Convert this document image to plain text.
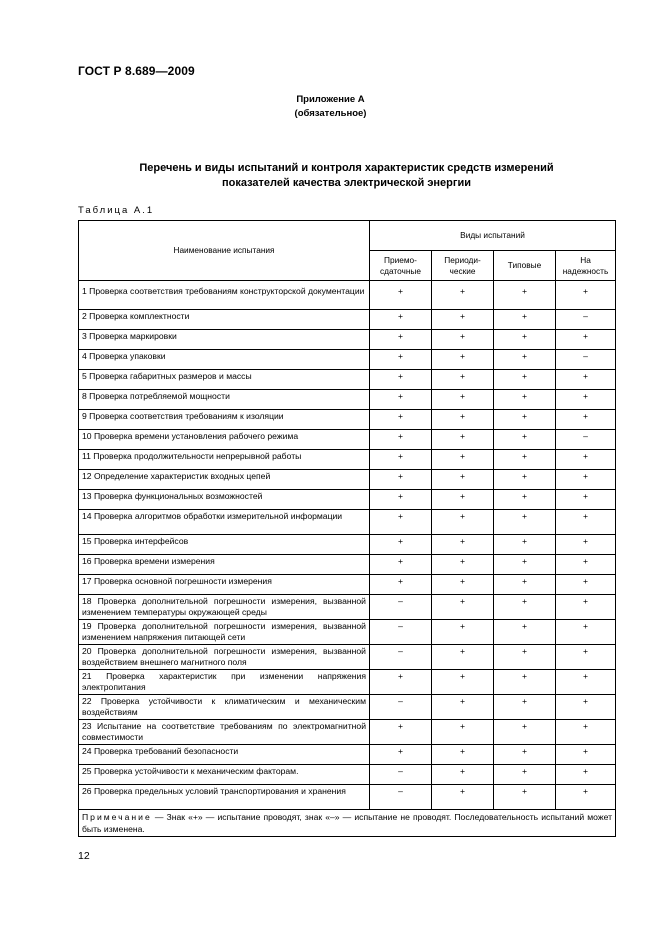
ГОСТ Р 8.689—2009
Приложение А
(обязательное)
Перечень и виды испытаний и контроля характеристик средств измерений
показателей качества электрической энергии
Таблица А.1
Наименование испытания	Виды испытаний			
	Приемо-сдаточные	Периоди-ческие	Типовые	На надежность
1 Проверка соответствия требованиям конструкторской документации	+	+	+	+
2 Проверка комплектности	+	+	+	–
3 Проверка маркировки	+	+	+	+
4 Проверка упаковки	+	+	+	–
5 Проверка габаритных размеров и массы	+	+	+	+
8 Проверка потребляемой мощности	+	+	+	+
9 Проверка соответствия требованиям к изоляции	+	+	+	+
10 Проверка времени установления рабочего режима	+	+	+	–
11 Проверка продолжительности непрерывной работы	+	+	+	+
12 Определение характеристик входных цепей	+	+	+	+
13 Проверка функциональных возможностей	+	+	+	+
14 Проверка алгоритмов обработки измерительной информации	+	+	+	+
15 Проверка интерфейсов	+	+	+	+
16 Проверка времени измерения	+	+	+	+
17 Проверка основной погрешности измерения	+	+	+	+
18 Проверка дополнительной погрешности измерения, вызванной изменением температуры окружающей среды	–	+	+	+
19 Проверка дополнительной погрешности измерения, вызванной изменением напряжения питающей сети	–	+	+	+
20 Проверка дополнительной погрешности измерения, вызванной воздействием внешнего магнитного поля	–	+	+	+
21 Проверка характеристик при изменении напряжения электропитания	+	+	+	+
22 Проверка устойчивости к климатическим и механическим воздействиям	–	+	+	+
23 Испытание на соответствие требованиям по электромагнитной совместимости	+	+	+	+
24 Проверка требований безопасности	+	+	+	+
25 Проверка устойчивости к механическим факторам.	–	+	+	+
26 Проверка предельных условий транспортирования и хранения	–	+	+	+
Примечание — Знак «+» — испытание проводят, знак «–» — испытание не проводят. Последовательность испытаний может быть изменена.				
12
